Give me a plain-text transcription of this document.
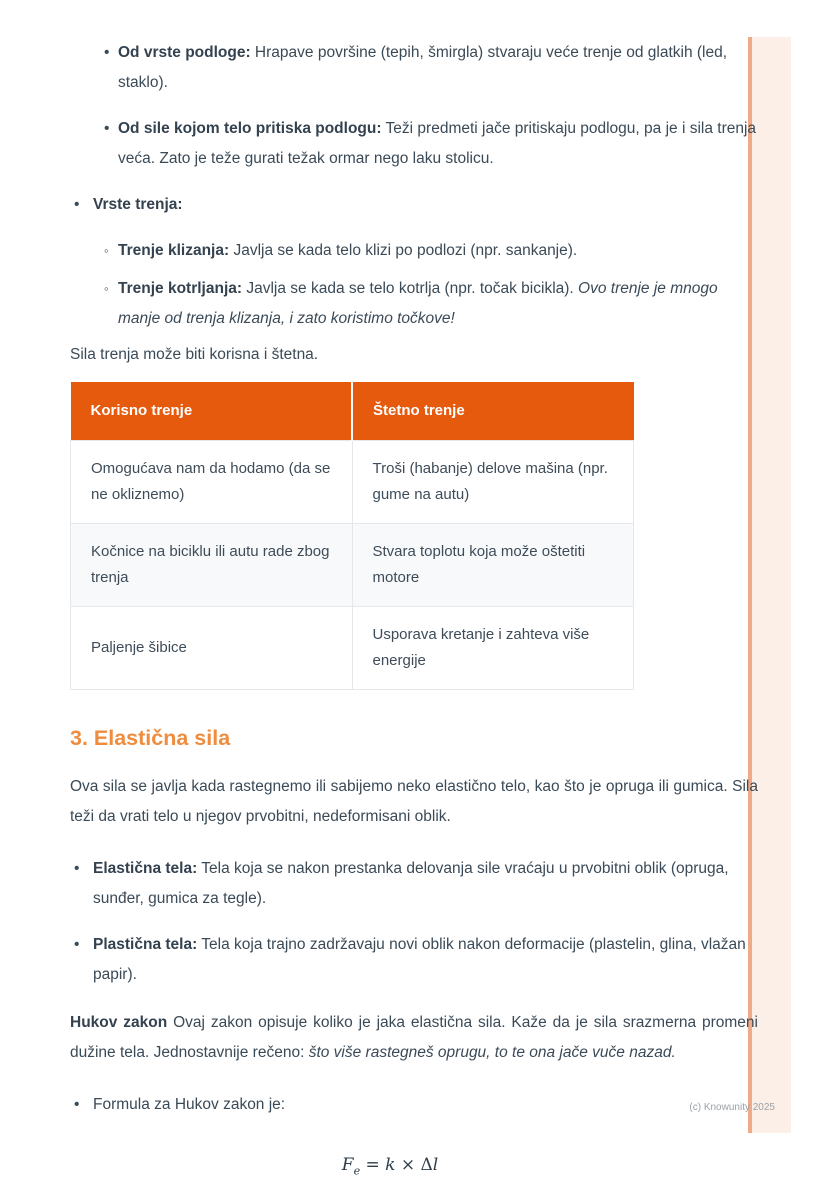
• Od vrste podloge: Hrapave površine (tepih, šmirgla) stvaraju veće trenje od glatkih (led, staklo).
• Od sile kojom telo pritiska podlogu: Teži predmeti jače pritiskaju podlogu, pa je i sila trenja veća. Zato je teže gurati težak ormar nego laku stolicu.
• Vrste trenja:
◦ Trenje klizanja: Javlja se kada telo klizi po podlozi (npr. sankanje).
◦ Trenje kotrljanja: Javlja se kada se telo kotrlja (npr. točak bicikla). Ovo trenje je mnogo manje od trenja klizanja, i zato koristimo točkove!

Sila trenja može biti korisna i štetna.

Korisno trenje	Štetno trenje
Omogućava nam da hodamo (da se ne okliznemo)	Troši (habanje) delove mašina (npr. gume na autu)
Kočnice na biciklu ili autu rade zbog trenja	Stvara toplotu koja može oštetiti motore
Paljenje šibice	Usporava kretanje i zahteva više energije
3. Elastična sila

Ova sila se javlja kada rastegnemo ili sabijemo neko elastično telo, kao što je opruga ili gumica. Sila teži da vrati telo u njegov prvobitni, nedeformisani oblik.

• Elastična tela: Tela koja se nakon prestanka delovanja sile vraćaju u prvobitni oblik (opruga, sunđer, gumica za tegle).
• Plastična tela: Tela koja trajno zadržavaju novi oblik nakon deformacije (plastelin, glina, vlažan papir).

Hukov zakon Ovaj zakon opisuje koliko je jaka elastična sila. Kaže da je sila srazmerna promeni dužine tela. Jednostavnije rečeno: što više rastegneš oprugu, to te ona jače vuče nazad.

• Formula za Hukov zakon je:
$F_e = k \times \Delta l$
(c) Knowunity 2025
